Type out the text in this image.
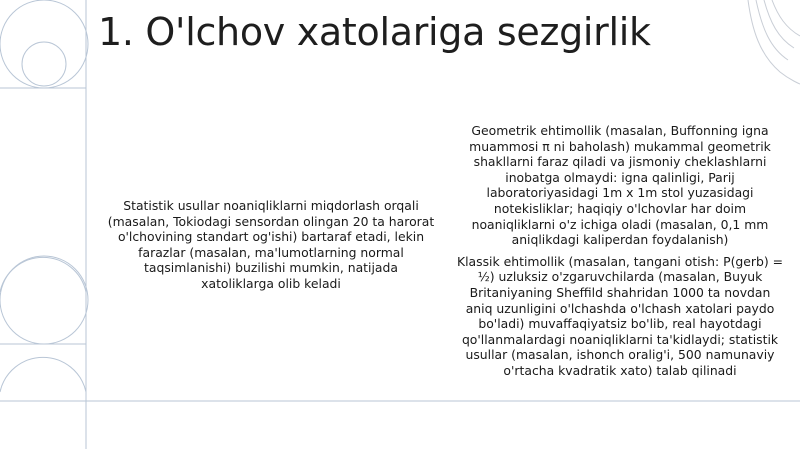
1. O'lchov xatolariga sezgirlik

Statistik usullar noaniqliklarni miqdorlash orqali (masalan, Tokiodagi sensordan olingan 20 ta harorat o'lchovining standart og'ishi) bartaraf etadi, lekin farazlar (masalan, ma'lumotlarning normal taqsimlanishi) buzilishi mumkin, natijada xatoliklarga olib keladi

Geometrik ehtimollik (masalan, Buffonning igna muammosi π ni baholash) mukammal geometrik shakllarni faraz qiladi va jismoniy cheklashlarni inobatga olmaydi: igna qalinligi, Parij laboratoriyasidagi 1m x 1m stol yuzasidagi notekisliklar; haqiqiy o'lchovlar har doim noaniqliklarni o'z ichiga oladi (masalan, 0,1 mm aniqlikdagi kaliperdan foydalanish)

Klassik ehtimollik (masalan, tangani otish: P(gerb) = ½) uzluksiz o'zgaruvchilarda (masalan, Buyuk Britaniyaning Sheffild shahridan 1000 ta novdan aniq uzunligini o'lchashda o'lchash xatolari paydo bo'ladi) muvaffaqiyatsiz bo'lib, real hayotdagi qo'llanmalardagi noaniqliklarni ta'kidlaydi; statistik usullar (masalan, ishonch oralig'i, 500 namunaviy o'rtacha kvadratik xato) talab qilinadi
